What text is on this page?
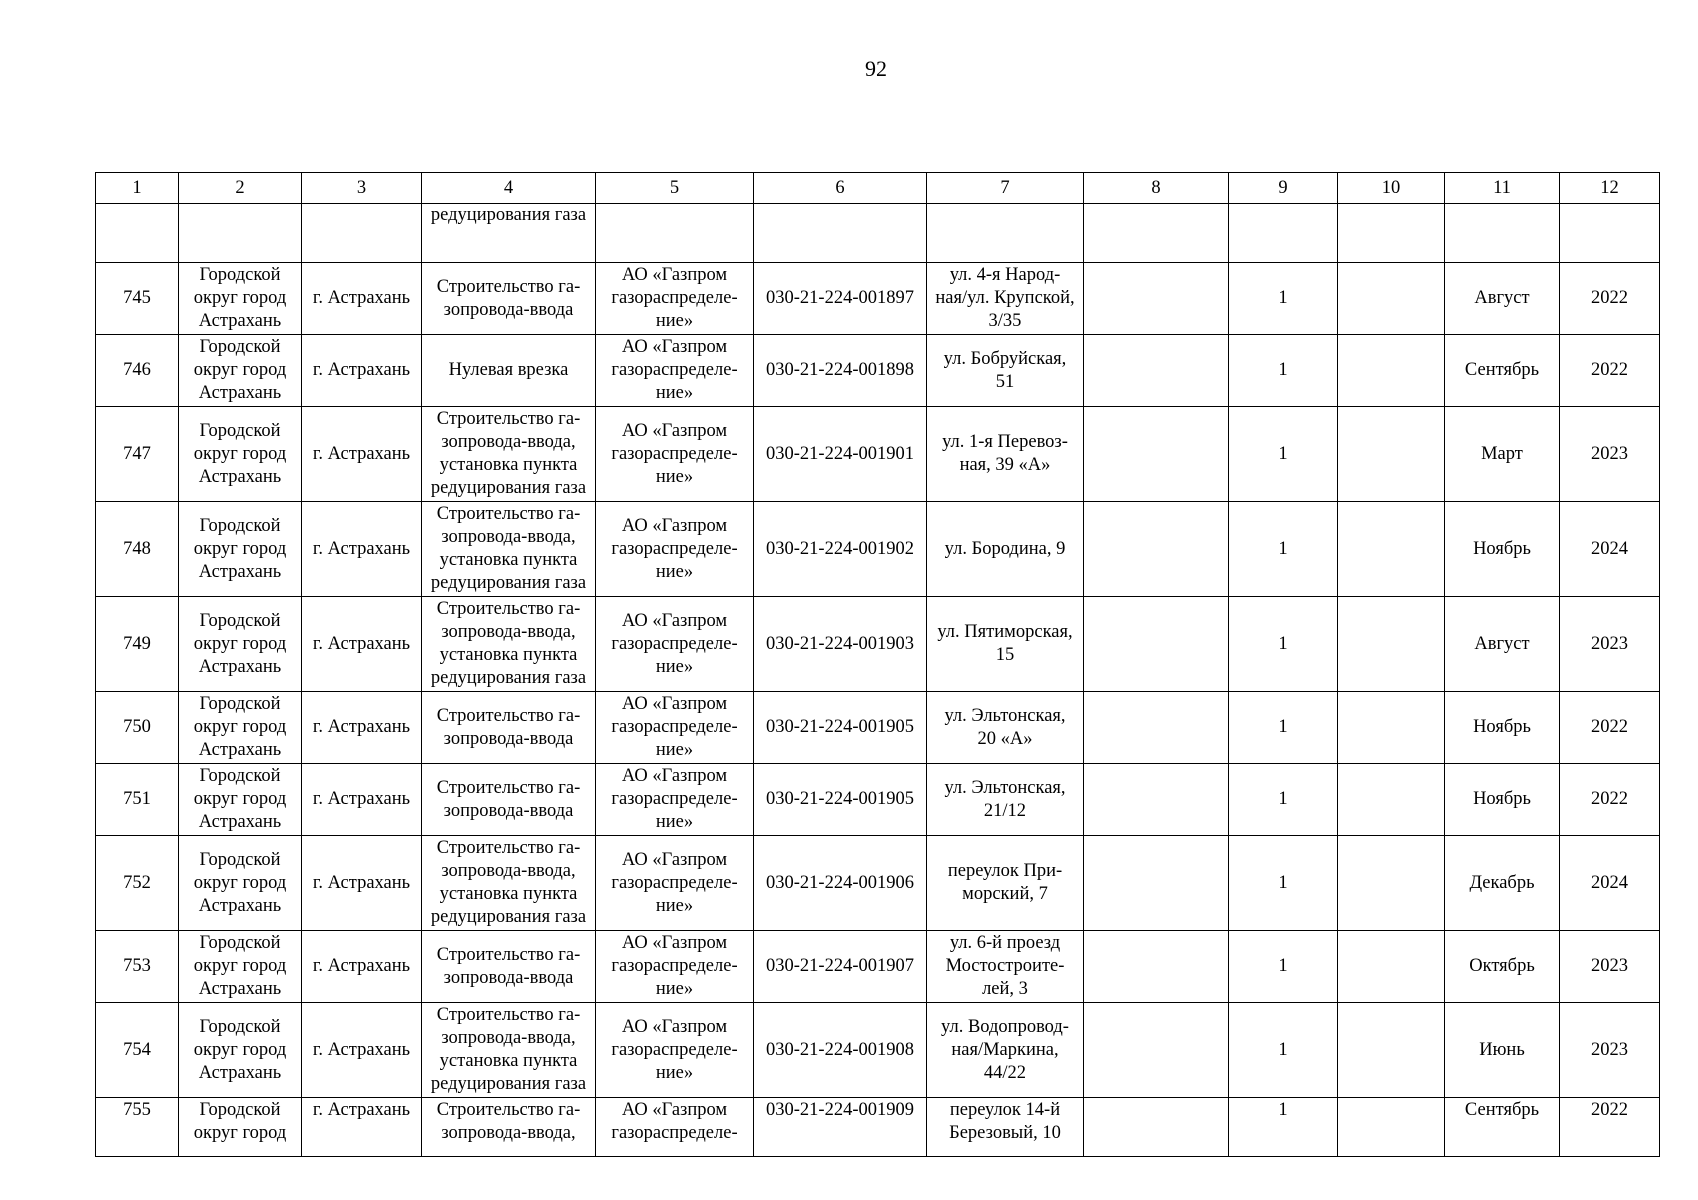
92
1	2	3	4	5	6	7	8	9	10	11	12
			редуцирования газа								
745	Городской
округ город
Астрахань	г. Астрахань	Строительство га-
зопровода-ввода	АО «Газпром
газораспределе-
ние»	030-21-224-001897	ул. 4-я Народ-
ная/ул. Крупской,
3/35		1		Август	2022
746	Городской
округ город
Астрахань	г. Астрахань	Нулевая врезка	АО «Газпром
газораспределе-
ние»	030-21-224-001898	ул. Бобруйская,
51		1		Сентябрь	2022
747	Городской
округ город
Астрахань	г. Астрахань	Строительство га-
зопровода-ввода,
установка пункта
редуцирования газа	АО «Газпром
газораспределе-
ние»	030-21-224-001901	ул. 1-я Перевоз-
ная, 39 «А»		1		Март	2023
748	Городской
округ город
Астрахань	г. Астрахань	Строительство га-
зопровода-ввода,
установка пункта
редуцирования газа	АО «Газпром
газораспределе-
ние»	030-21-224-001902	ул. Бородина, 9		1		Ноябрь	2024
749	Городской
округ город
Астрахань	г. Астрахань	Строительство га-
зопровода-ввода,
установка пункта
редуцирования газа	АО «Газпром
газораспределе-
ние»	030-21-224-001903	ул. Пятиморская,
15		1		Август	2023
750	Городской
округ город
Астрахань	г. Астрахань	Строительство га-
зопровода-ввода	АО «Газпром
газораспределе-
ние»	030-21-224-001905	ул. Эльтонская,
20 «А»		1		Ноябрь	2022
751	Городской
округ город
Астрахань	г. Астрахань	Строительство га-
зопровода-ввода	АО «Газпром
газораспределе-
ние»	030-21-224-001905	ул. Эльтонская,
21/12		1		Ноябрь	2022
752	Городской
округ город
Астрахань	г. Астрахань	Строительство га-
зопровода-ввода,
установка пункта
редуцирования газа	АО «Газпром
газораспределе-
ние»	030-21-224-001906	переулок При-
морский, 7		1		Декабрь	2024
753	Городской
округ город
Астрахань	г. Астрахань	Строительство га-
зопровода-ввода	АО «Газпром
газораспределе-
ние»	030-21-224-001907	ул. 6-й проезд
Мостостроите-
лей, 3		1		Октябрь	2023
754	Городской
округ город
Астрахань	г. Астрахань	Строительство га-
зопровода-ввода,
установка пункта
редуцирования газа	АО «Газпром
газораспределе-
ние»	030-21-224-001908	ул. Водопровод-
ная/Маркина,
44/22		1		Июнь	2023
755	Городской
округ город	г. Астрахань	Строительство га-
зопровода-ввода,	АО «Газпром
газораспределе-	030-21-224-001909	переулок 14-й
Березовый, 10		1		Сентябрь	2022
